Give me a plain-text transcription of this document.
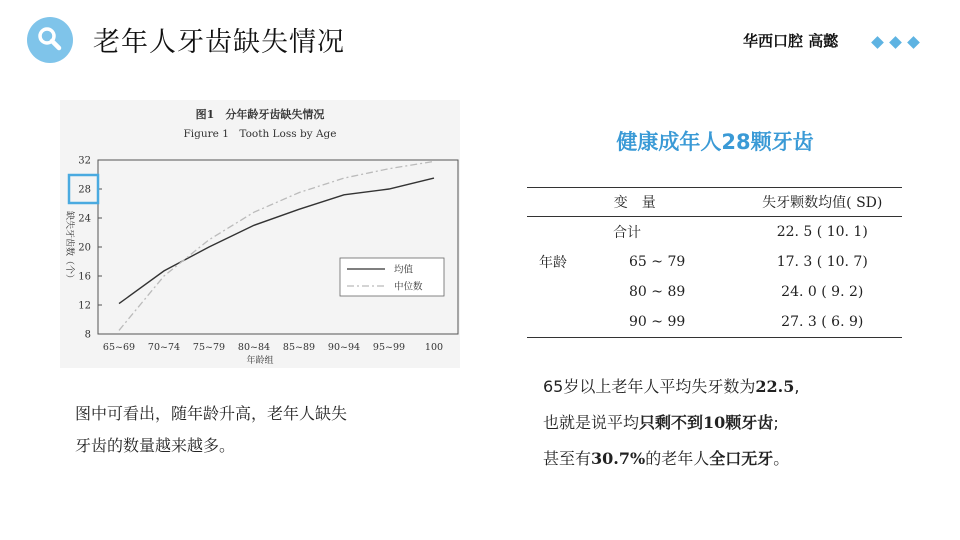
老年人牙齿缺失情况	华西口腔 高懿
图1　分年龄牙齿缺失情况
Figure 1　Tooth Loss by Age
8
12
16
20
24
28
32
65~69 70~74 75~79 80~84 85~89 90~94 95~99 100
年龄组
缺失牙齿数（个）	均值
中位数
图中可看出，随年龄升高，老年人缺失
牙齿的数量越来越多。
健康成年人28颗牙齿
变　量		失牙颗数均值( SD)
	合计	22. 5 ( 10. 1)
年龄	65 ~ 79	17. 3 ( 10. 7)
	80 ~ 89	24. 0 ( 9. 2)
	90 ~ 99	27. 3 ( 6. 9)
65岁以上老年人平均失牙数为22.5,
也就是说平均只剩不到10颗牙齿;
甚至有30.7%的老年人全口无牙。
